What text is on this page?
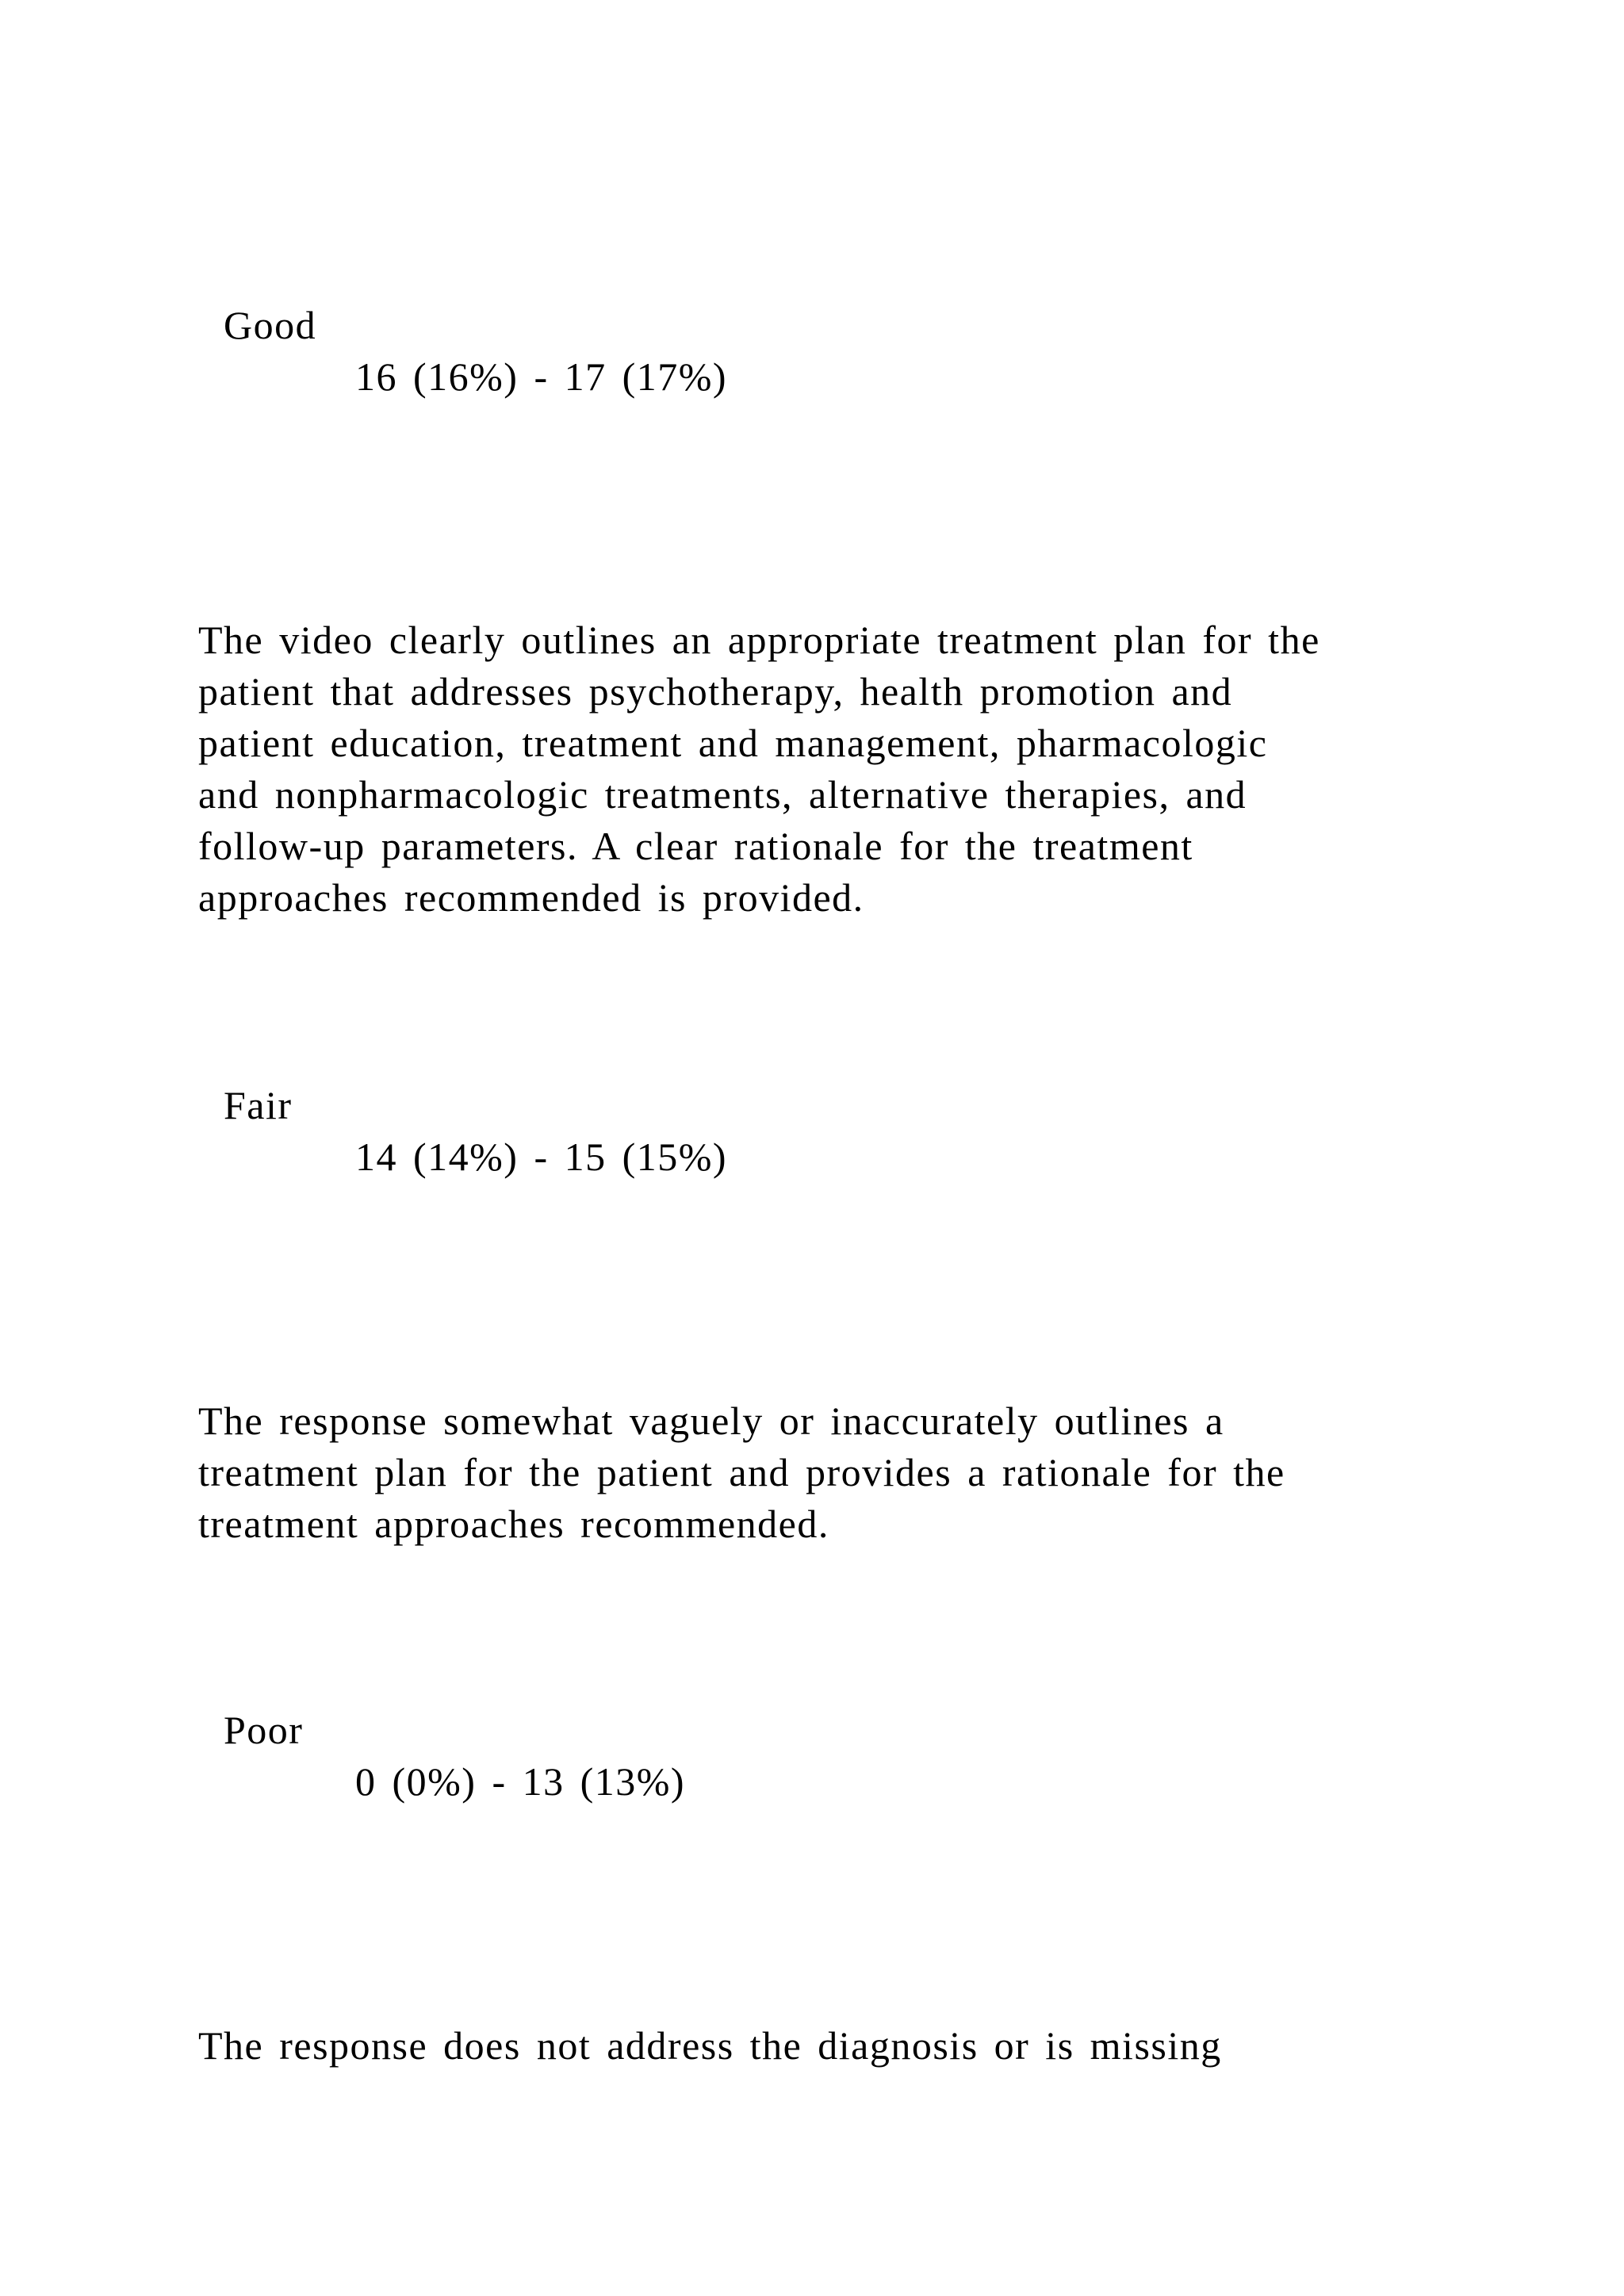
Good
16 (16%) - 17 (17%)
The video clearly outlines an appropriate treatment plan for the
patient that addresses psychotherapy, health promotion and
patient education, treatment and management, pharmacologic
and nonpharmacologic treatments, alternative therapies, and
follow-up parameters. A clear rationale for the treatment
approaches recommended is provided.
Fair
14 (14%) - 15 (15%)
The response somewhat vaguely or inaccurately outlines a
treatment plan for the patient and provides a rationale for the
treatment approaches recommended.
Poor
0 (0%) - 13 (13%)
The response does not address the diagnosis or is missing
